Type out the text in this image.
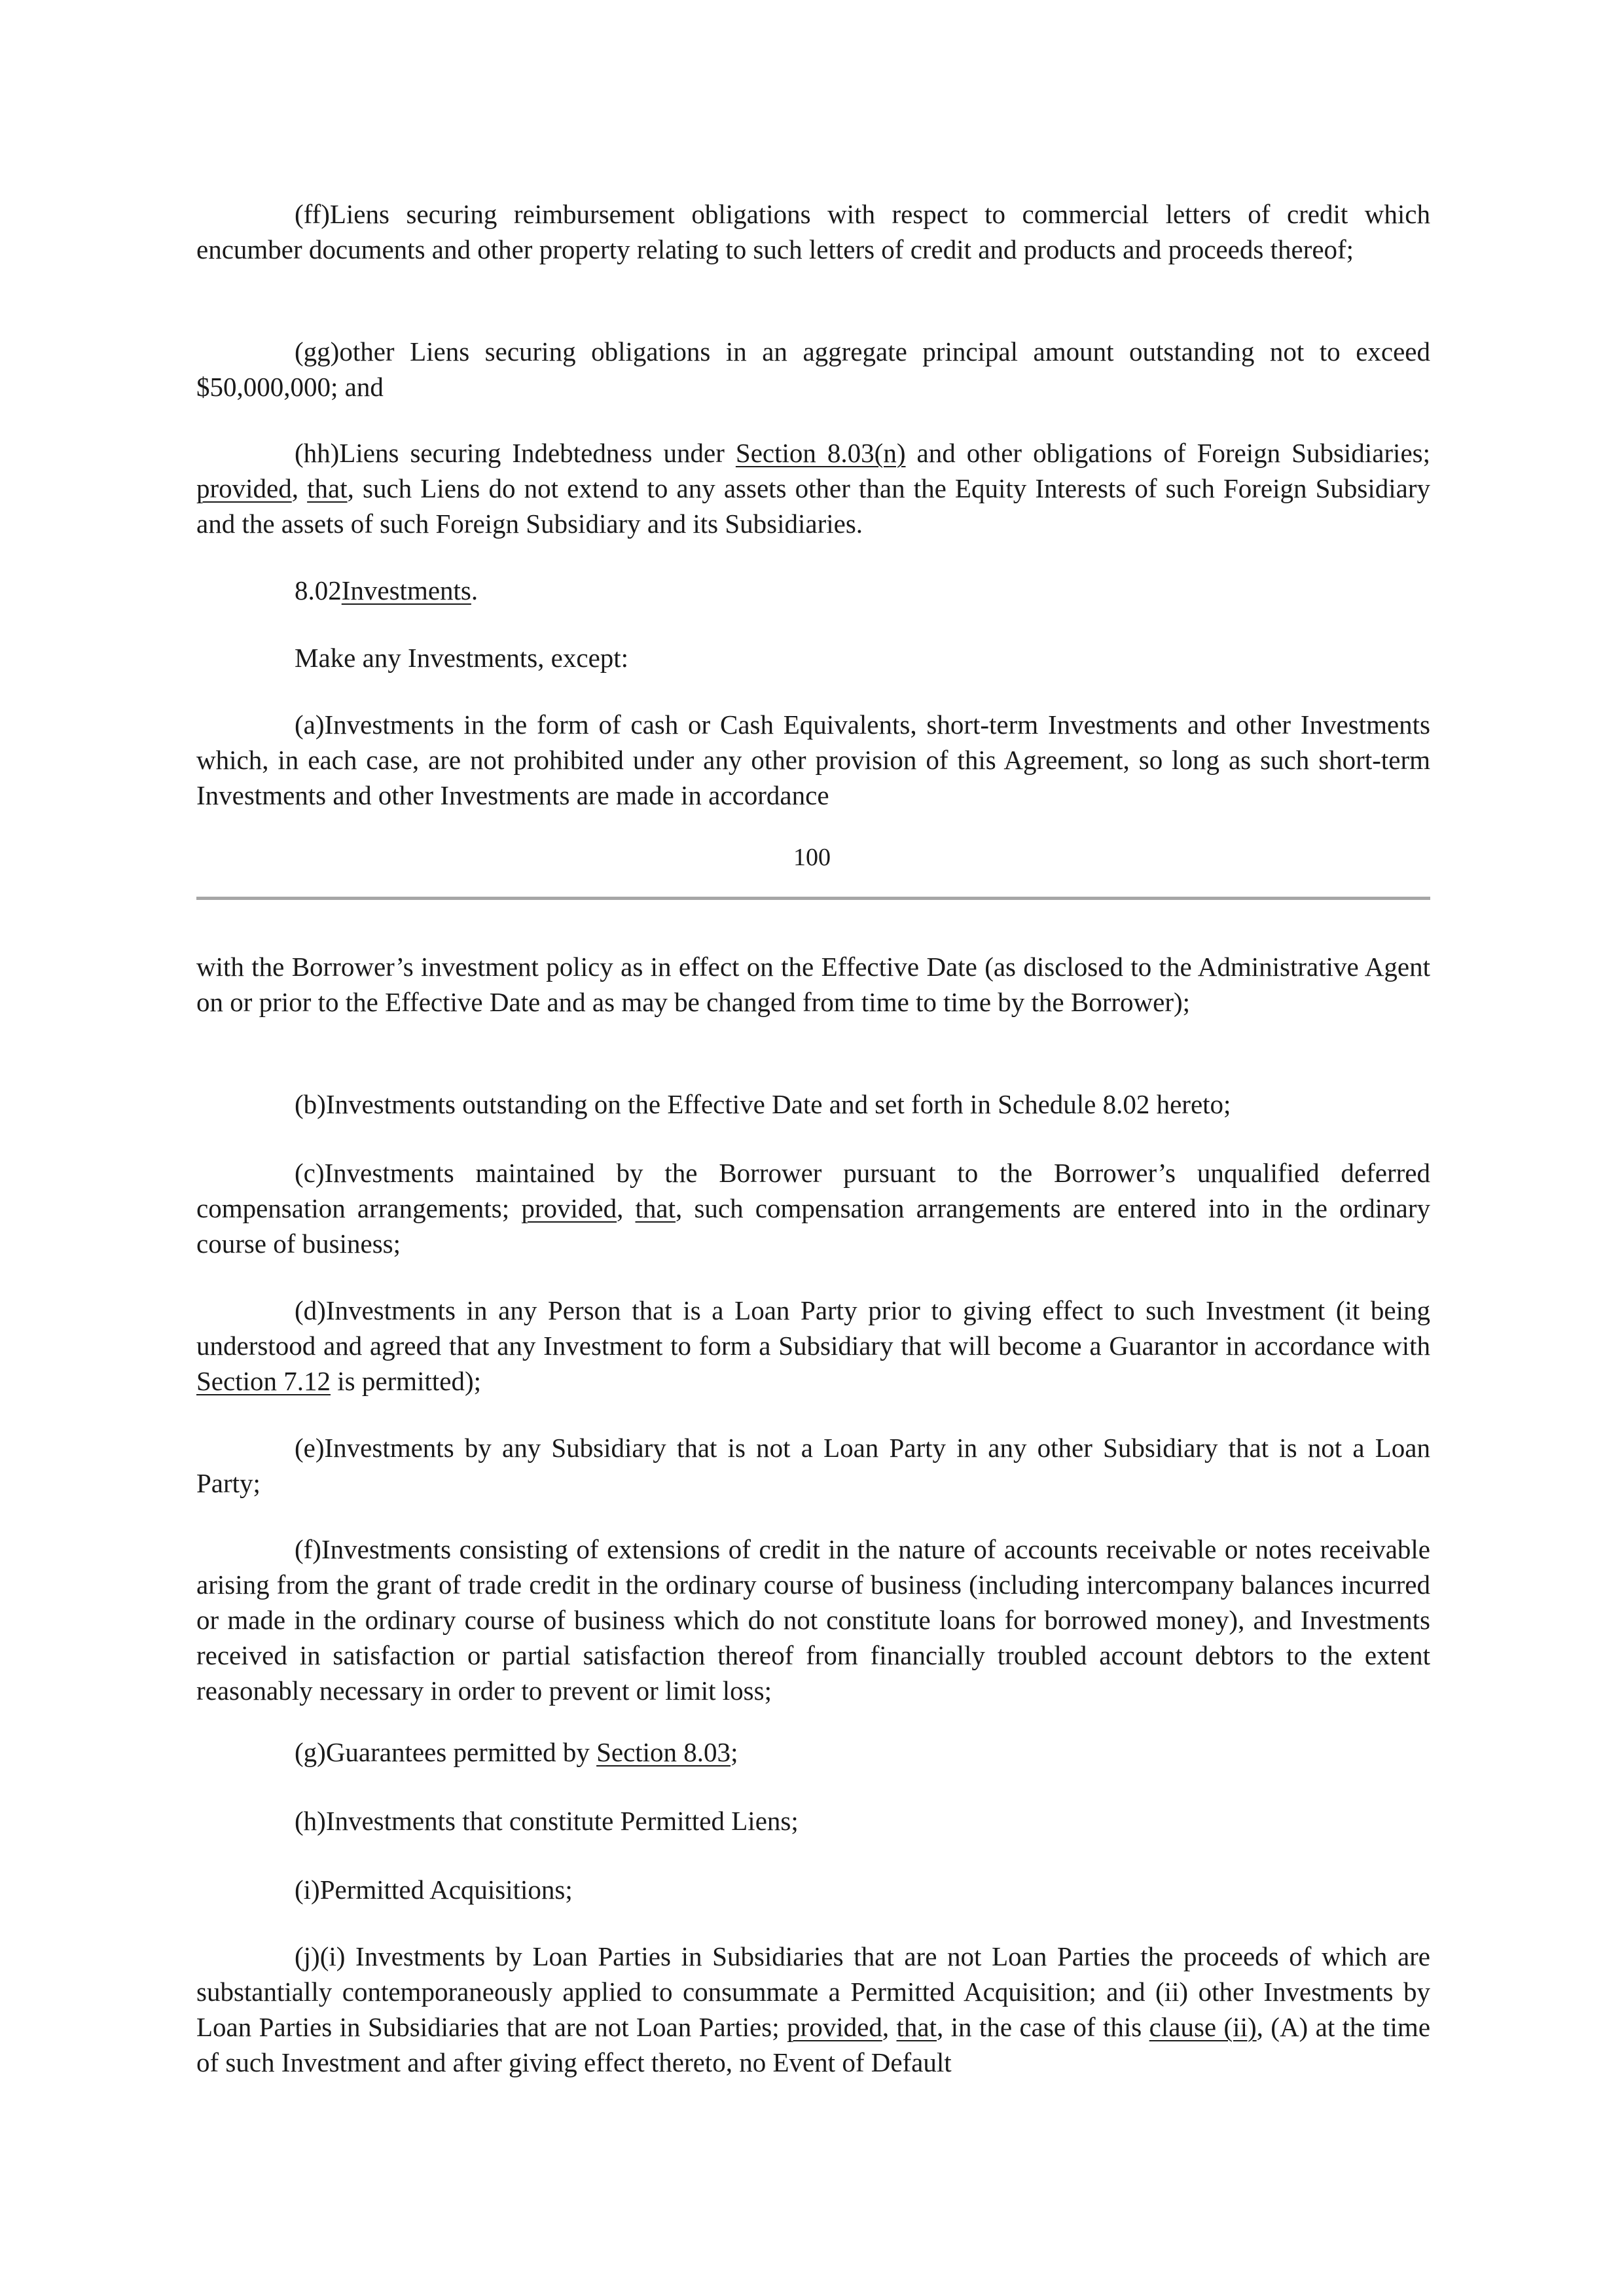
(ff)Liens securing reimbursement obligations with respect to commercial letters of credit which encumber documents and other property relating to such letters of credit and products and proceeds thereof;

(gg)other Liens securing obligations in an aggregate principal amount outstanding not to exceed $50,000,000; and

(hh)Liens securing Indebtedness under Section 8.03(n) and other obligations of Foreign Subsidiaries; provided, that, such Liens do not extend to any assets other than the Equity Interests of such Foreign Subsidiary and the assets of such Foreign Subsidiary and its Subsidiaries.

8.02Investments.

Make any Investments, except:

(a)Investments in the form of cash or Cash Equivalents, short-term Investments and other Investments which, in each case, are not prohibited under any other provision of this Agreement, so long as such short-term Investments and other Investments are made in accordance

100

with the Borrower’s investment policy as in effect on the Effective Date (as disclosed to the Administrative Agent on or prior to the Effective Date and as may be changed from time to time by the Borrower);

(b)Investments outstanding on the Effective Date and set forth in Schedule 8.02 hereto;

(c)Investments maintained by the Borrower pursuant to the Borrower’s unqualified deferred compensation arrangements; provided, that, such compensation arrangements are entered into in the ordinary course of business;

(d)Investments in any Person that is a Loan Party prior to giving effect to such Investment (it being understood and agreed that any Investment to form a Subsidiary that will become a Guarantor in accordance with Section 7.12 is permitted);

(e)Investments by any Subsidiary that is not a Loan Party in any other Subsidiary that is not a Loan Party;

(f)Investments consisting of extensions of credit in the nature of accounts receivable or notes receivable arising from the grant of trade credit in the ordinary course of business (including intercompany balances incurred or made in the ordinary course of business which do not constitute loans for borrowed money), and Investments received in satisfaction or partial satisfaction thereof from financially troubled account debtors to the extent reasonably necessary in order to prevent or limit loss;

(g)Guarantees permitted by Section 8.03;

(h)Investments that constitute Permitted Liens;

(i)Permitted Acquisitions;

(j)(i) Investments by Loan Parties in Subsidiaries that are not Loan Parties the proceeds of which are substantially contemporaneously applied to consummate a Permitted Acquisition; and (ii) other Investments by Loan Parties in Subsidiaries that are not Loan Parties; provided, that, in the case of this clause (ii), (A) at the time of such Investment and after giving effect thereto, no Event of Default
